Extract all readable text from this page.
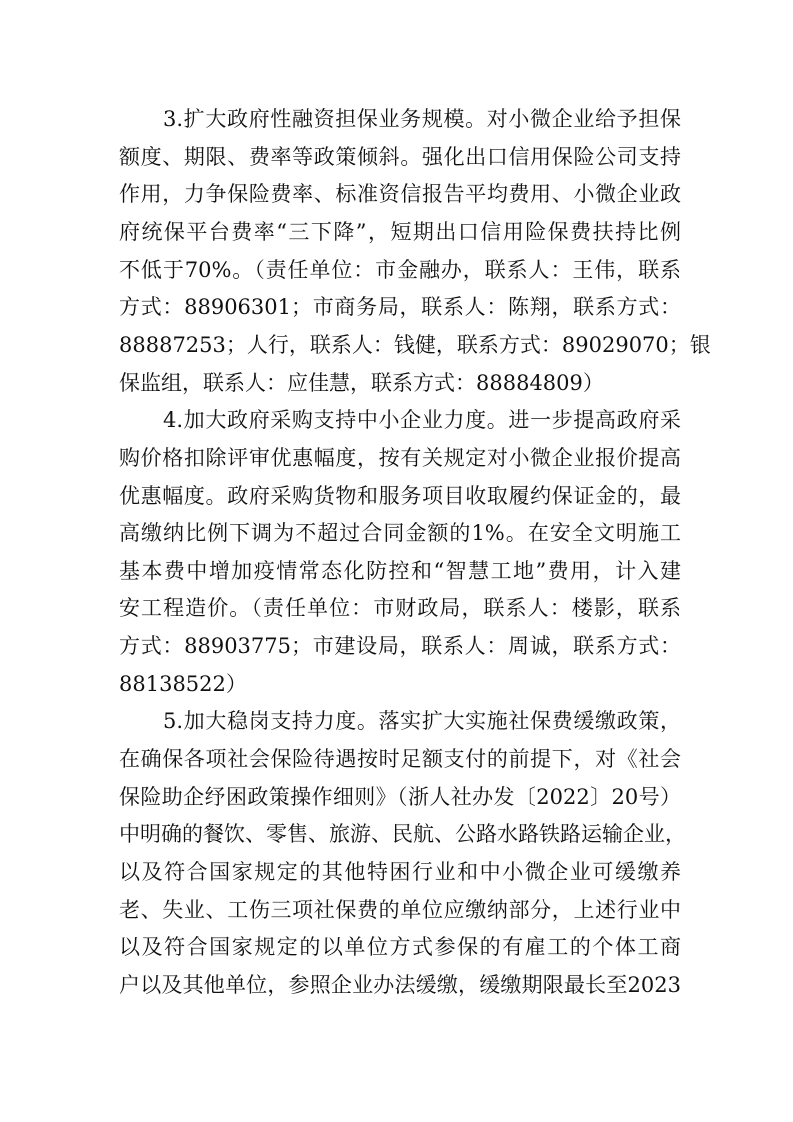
3.扩大政府性融资担保业务规模。对小微企业给予担保
额度、期限、费率等政策倾斜。强化出口信用保险公司支持
作用，力争保险费率、标准资信报告平均费用、小微企业政
府统保平台费率“三下降”，短期出口信用险保费扶持比例
不低于70%。（责任单位：市金融办，联系人：王伟，联系
方式：88906301；市商务局，联系人：陈翔，联系方式：
88887253；人行，联系人：钱健，联系方式：89029070；银
保监组，联系人：应佳慧，联系方式：88884809）
4.加大政府采购支持中小企业力度。进一步提高政府采
购价格扣除评审优惠幅度，按有关规定对小微企业报价提高
优惠幅度。政府采购货物和服务项目收取履约保证金的，最
高缴纳比例下调为不超过合同金额的1%。在安全文明施工
基本费中增加疫情常态化防控和“智慧工地”费用，计入建
安工程造价。（责任单位：市财政局，联系人：楼影，联系
方式：88903775；市建设局，联系人：周诚，联系方式：
88138522）
5.加大稳岗支持力度。落实扩大实施社保费缓缴政策，
在确保各项社会保险待遇按时足额支付的前提下，对《社会
保险助企纾困政策操作细则》（浙人社办发〔2022〕20号）
中明确的餐饮、零售、旅游、民航、公路水路铁路运输企业，
以及符合国家规定的其他特困行业和中小微企业可缓缴养
老、失业、工伤三项社保费的单位应缴纳部分，上述行业中
以及符合国家规定的以单位方式参保的有雇工的个体工商
户以及其他单位，参照企业办法缓缴，缓缴期限最长至2023
